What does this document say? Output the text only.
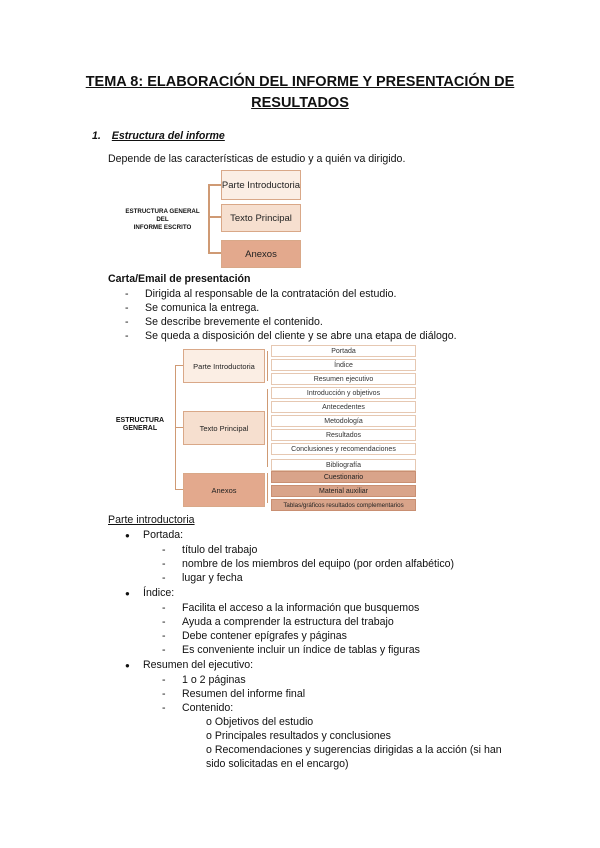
TEMA 8: ELABORACIÓN DEL INFORME Y PRESENTACIÓN DE
RESULTADOS
1. Estructura del informe
Depende de las características de estudio y a quién va dirigido.
ESTRUCTURA GENERAL
DEL
INFORME ESCRITO
Parte Introductoria
Texto Principal
Anexos
Carta/Email de presentación
- Dirigida al responsable de la contratación del estudio.
- Se comunica la entrega.
- Se describe brevemente el contenido.
- Se queda a disposición del cliente y se abre una etapa de diálogo.
ESTRUCTURA
GENERAL
Parte Introductoria
Texto Principal
Anexos
Portada
Índice
Resumen ejecutivo
Introducción y objetivos
Antecedentes
Metodología
Resultados
Conclusiones y recomendaciones
Bibliografía
Cuestionario
Material auxiliar
Tablas/gráficos resultados complementarios
Parte introductoria
● Portada:
- título del trabajo
- nombre de los miembros del equipo (por orden alfabético)
- lugar y fecha
● Índice:
- Facilita el acceso a la información que busquemos
- Ayuda a comprender la estructura del trabajo
- Debe contener epígrafes y páginas
- Es conveniente incluir un índice de tablas y figuras
● Resumen del ejecutivo:
- 1 o 2 páginas
- Resumen del informe final
- Contenido:
o Objetivos del estudio
o Principales resultados y conclusiones
o Recomendaciones y sugerencias dirigidas a la acción (si han
sido solicitadas en el encargo)
